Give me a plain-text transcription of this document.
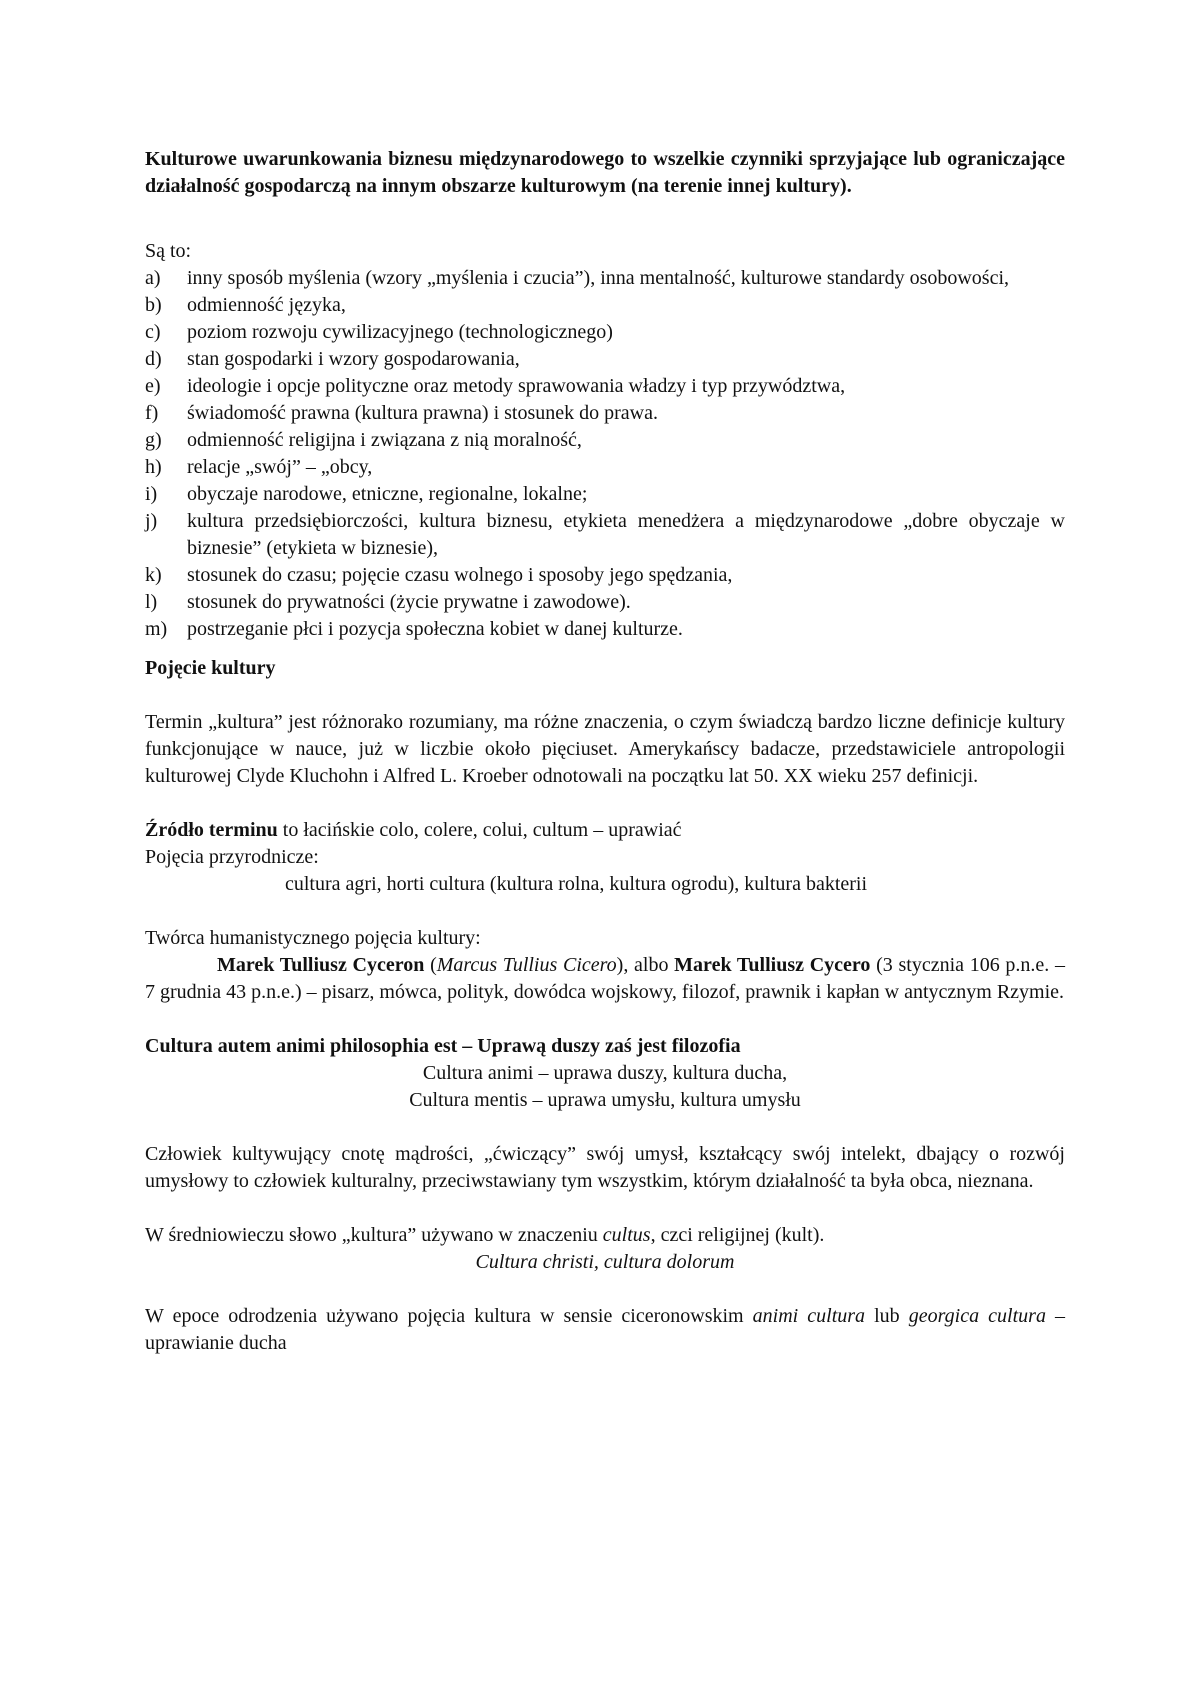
Kulturowe uwarunkowania biznesu międzynarodowego to wszelkie czynniki sprzyjające lub ograniczające działalność gospodarczą na innym obszarze kulturowym (na terenie innej kultury).

Są to:

a)	inny sposób myślenia (wzory „myślenia i czucia”), inna mentalność, kulturowe standardy osobowości,
b)	odmienność języka,
c)	poziom rozwoju cywilizacyjnego (technologicznego)
d)	stan gospodarki i wzory gospodarowania,
e)	ideologie i opcje polityczne oraz metody sprawowania władzy i typ przywództwa,
f)	świadomość prawna (kultura prawna) i stosunek do prawa.
g)	odmienność religijna i związana z nią moralność,
h)	relacje „swój” – „obcy,
i)	obyczaje narodowe, etniczne, regionalne, lokalne;
j)	kultura przedsiębiorczości, kultura biznesu, etykieta menedżera a międzynarodowe „dobre obyczaje w biznesie” (etykieta w biznesie),
k)	stosunek do czasu; pojęcie czasu wolnego i sposoby jego spędzania,
l)	stosunek do prywatności (życie prywatne i zawodowe).
m) postrzeganie płci i pozycja społeczna kobiet w danej kulturze.

Pojęcie kultury

Termin „kultura” jest różnorako rozumiany, ma różne znaczenia, o czym świadczą bardzo liczne definicje kultury funkcjonujące w nauce, już w liczbie około pięciuset. Amerykańscy badacze, przedstawiciele antropologii kulturowej Clyde Kluchohn i Alfred L. Kroeber odnotowali na początku lat 50. XX wieku 257 definicji.

Źródło terminu to łacińskie colo, colere, colui, cultum – uprawiać

Pojęcia przyrodnicze:

cultura agri, horti cultura (kultura rolna, kultura ogrodu), kultura bakterii

Twórca humanistycznego pojęcia kultury:

Marek Tulliusz Cyceron (Marcus Tullius Cicero), albo Marek Tulliusz Cycero (3 stycznia 106 p.n.e. –7 grudnia 43 p.n.e.) – pisarz, mówca, polityk, dowódca wojskowy, filozof, prawnik i kapłan w antycznym Rzymie.

Cultura autem animi philosophia est – Uprawą duszy zaś jest filozofia

Cultura animi – uprawa duszy, kultura ducha,

Cultura mentis – uprawa umysłu, kultura umysłu

Człowiek kultywujący cnotę mądrości, „ćwiczący” swój umysł, kształcący swój intelekt, dbający o rozwój umysłowy to człowiek kulturalny, przeciwstawiany tym wszystkim, którym działalność ta była obca, nieznana.

W średniowieczu słowo „kultura” używano w znaczeniu cultus, czci religijnej (kult).

Cultura christi, cultura dolorum

W epoce odrodzenia używano pojęcia kultura w sensie ciceronowskim animi cultura lub georgica cultura – uprawianie ducha
